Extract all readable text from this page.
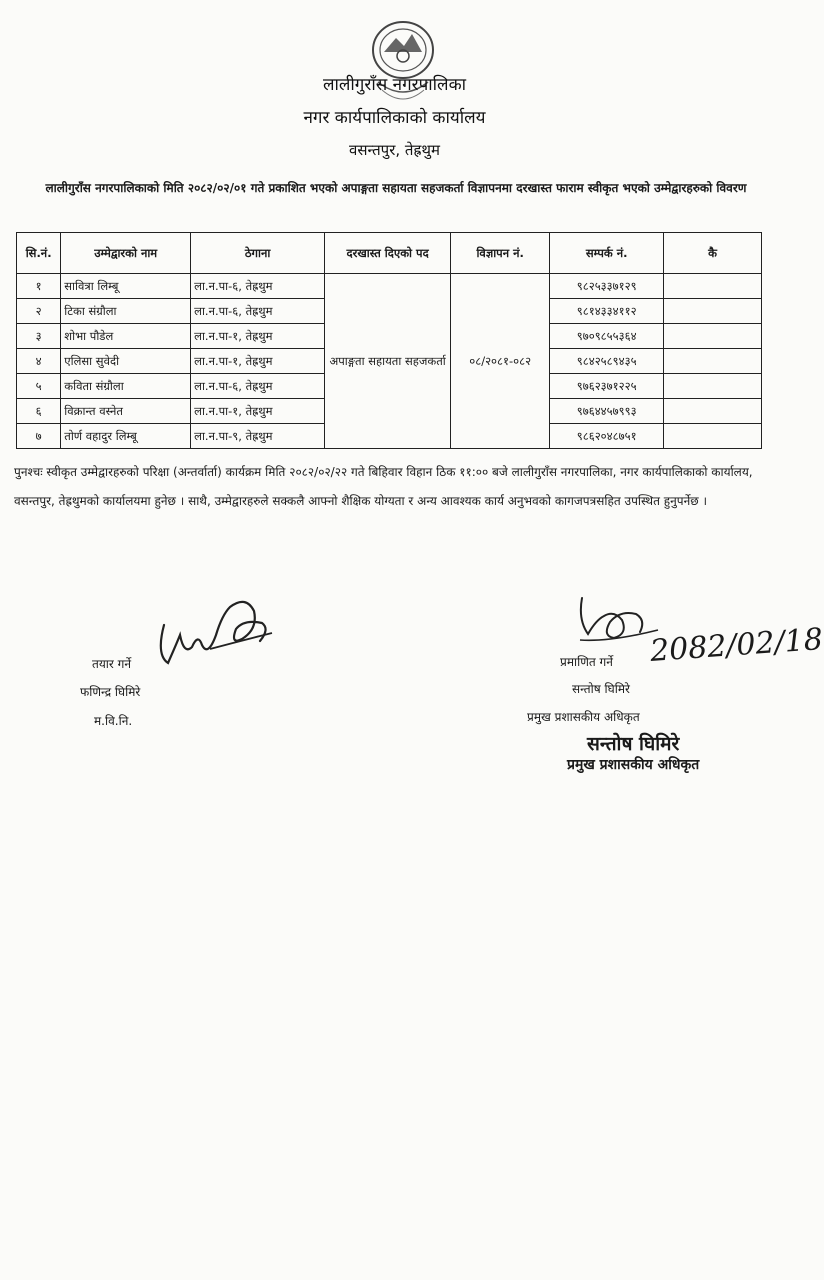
लालीगुराँस नगरपालिका
नगर कार्यपालिकाको कार्यालय
वसन्तपुर, तेह्रथुम
लालीगुराँस नगरपालिकाको मिति २०८२/०२/०१ गते प्रकाशित भएको अपाङ्गता सहायता सहजकर्ता विज्ञापनमा दरखास्त फाराम स्वीकृत भएको उम्मेद्वारहरुको विवरण
सि.नं.	उम्मेद्वारको नाम	ठेगाना	दरखास्त दिएको पद	विज्ञापन नं.	सम्पर्क नं.	कै
१	सावित्रा लिम्बू	ला.न.पा-६, तेह्रथुम	अपाङ्गता सहायता सहजकर्ता	०८/२०८१-०८२	९८२५३३७१२९	
२	टिका संग्रौला	ला.न.पा-६, तेह्रथुम			९८१४३३४११२	
३	शोभा पौडेल	ला.न.पा-१, तेह्रथुम			९७०९८५५३६४	
४	एलिसा सुवेदी	ला.न.पा-१, तेह्रथुम			९८४२५८९४३५	
५	कविता संग्रौला	ला.न.पा-६, तेह्रथुम			९७६२३७१२२५	
६	विक्रान्त वस्नेत	ला.न.पा-१, तेह्रथुम			९७६४४५७९९३	
७	तोर्ण वहादुर लिम्बू	ला.न.पा-९, तेह्रथुम			९८६२०४८७५१	
पुनश्चः स्वीकृत उम्मेद्वारहरुको परिक्षा (अन्तर्वार्ता) कार्यक्रम मिति २०८२/०२/२२ गते बिहिवार विहान ठिक ११:०० बजे लालीगुराँस नगरपालिका, नगर कार्यपालिकाको कार्यालय, वसन्तपुर, तेह्रथुमको कार्यालयमा हुनेछ । साथै, उम्मेद्वारहरुले सक्कलै आफ्नो शैक्षिक योग्यता र अन्य आवश्यक कार्य अनुभवको कागजपत्रसहित उपस्थित हुनुपर्नेछ ।
तयार गर्ने
फणिन्द्र घिमिरे
म.वि.नि.
प्रमाणित गर्ने
सन्तोष घिमिरे
प्रमुख प्रशासकीय अधिकृत
2082/02/18
सन्तोष घिमिरे
प्रमुख प्रशासकीय अधिकृत
